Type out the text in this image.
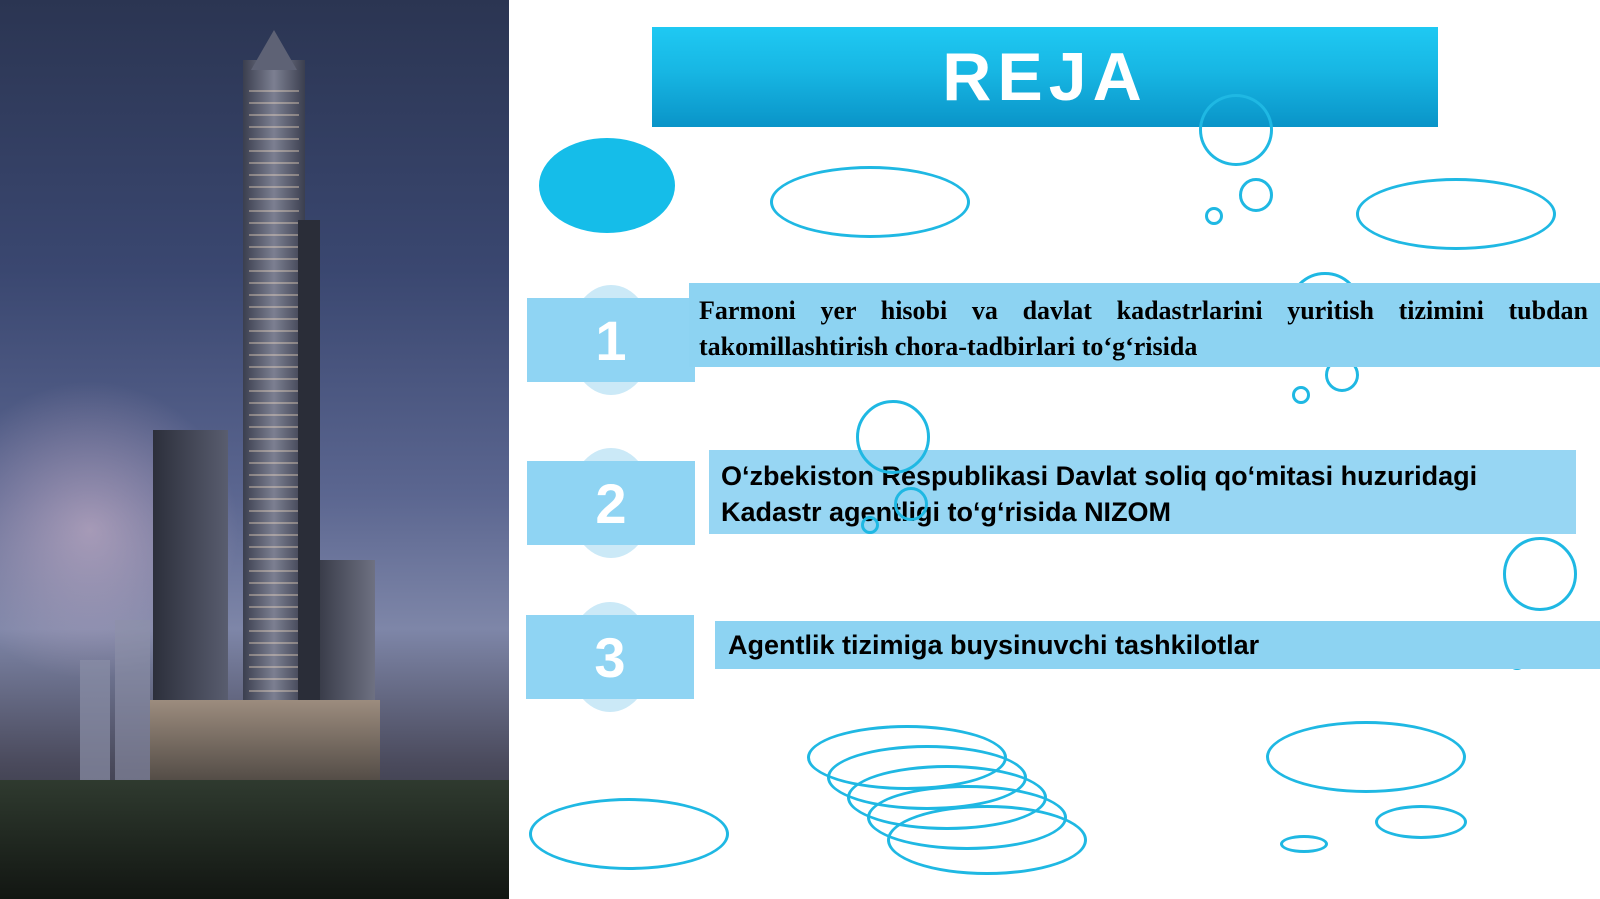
REJA
1	Farmoni yer hisobi va davlat kadastrlarini yuritish tizimini tubdan takomillashtirish chora-tadbirlari to‘g‘risida
2	O‘zbekiston Respublikasi Davlat soliq qo‘mitasi huzuridagi Kadastr agentligi to‘g‘risida NIZOM
3	Agentlik tizimiga buysinuvchi tashkilotlar
